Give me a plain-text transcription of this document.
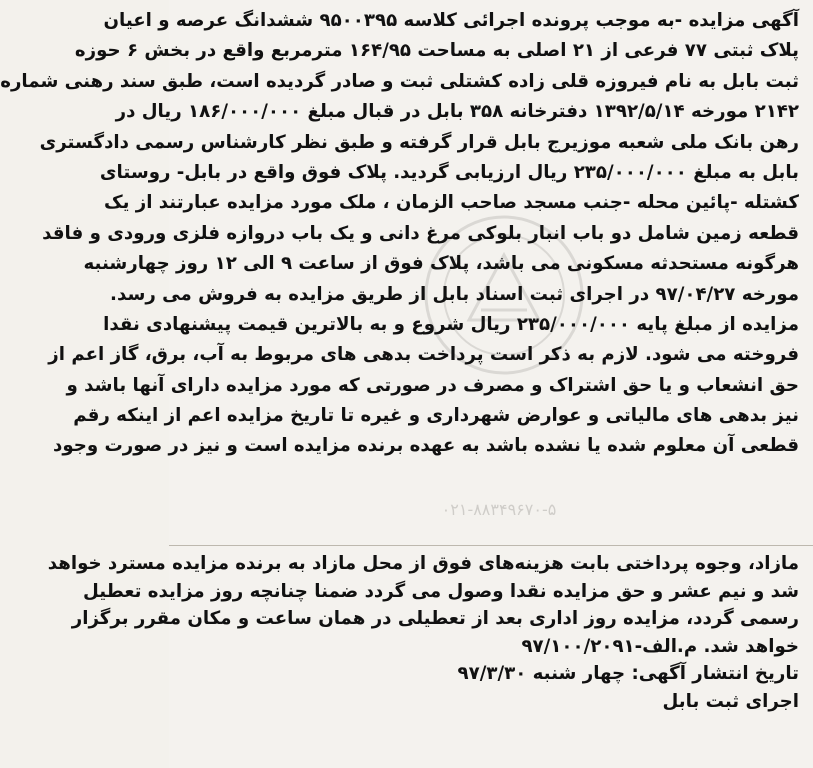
آگهی مزایده -به موجب پرونده اجرائی کلاسه ۹۵۰۰۳۹۵ ششدانگ عرصه و اعیان
پلاک ثبتی ۷۷ فرعی از ۲۱ اصلی به مساحت ۱۶۴/۹۵ مترمربع واقع در بخش ۶ حوزه
ثبت بابل به نام فیروزه قلی زاده کشتلی ثبت و صادر گردیده است، طبق سند رهنی شماره
۲۱۴۲ مورخه ۱۳۹۲/۵/۱۴ دفترخانه ۳۵۸ بابل در قبال مبلغ ۱۸۶/۰۰۰/۰۰۰ ریال در
رهن بانک ملی شعبه موزیرج بابل قرار گرفته و طبق نظر کارشناس رسمی دادگستری
بابل به مبلغ ۲۳۵/۰۰۰/۰۰۰ ریال ارزیابی گردید. پلاک فوق واقع در بابل- روستای
کشتله -پائین محله -جنب مسجد صاحب الزمان ، ملک مورد مزایده عبارتند از یک
قطعه زمین شامل دو باب انبار بلوکی مرغ دانی و یک باب دروازه فلزی ورودی و فاقد
هرگونه مستحدثه مسکونی می باشد، پلاک فوق از ساعت ۹ الی ۱۲ روز چهارشنبه
مورخه ۹۷/۰۴/۲۷ در اجرای ثبت اسناد بابل از طریق مزایده به فروش می رسد.
مزایده از مبلغ پایه ۲۳۵/۰۰۰/۰۰۰ ریال شروع و به بالاترین قیمت پیشنهادی نقدا
فروخته می شود. لازم به ذکر است پرداخت بدهی های مربوط به آب، برق، گاز اعم از
حق انشعاب و یا حق اشتراک و مصرف در صورتی که مورد مزایده دارای آنها باشد و
نیز بدهی های مالیاتی و عوارض شهرداری و غیره تا تاریخ مزایده اعم از اینکه رقم
قطعی آن معلوم شده یا نشده باشد به عهده برنده مزایده است و نیز در صورت وجود
۰۲۱-۸۸۳۴۹۶۷۰-۵
مازاد، وجوه پرداختی بابت هزینه‌های فوق از محل مازاد به برنده مزایده مسترد خواهد
شد و نیم عشر و حق مزایده نقدا وصول می گردد ضمنا چنانچه روز مزایده تعطیل
رسمی گردد، مزایده روز اداری بعد از تعطیلی در همان ساعت و مکان مقرر برگزار
خواهد شد. م.الف-۹۷/۱۰۰/۲۰۹۱
تاریخ انتشار آگهی: چهار شنبه ۹۷/۳/۳۰
اجرای ثبت بابل
